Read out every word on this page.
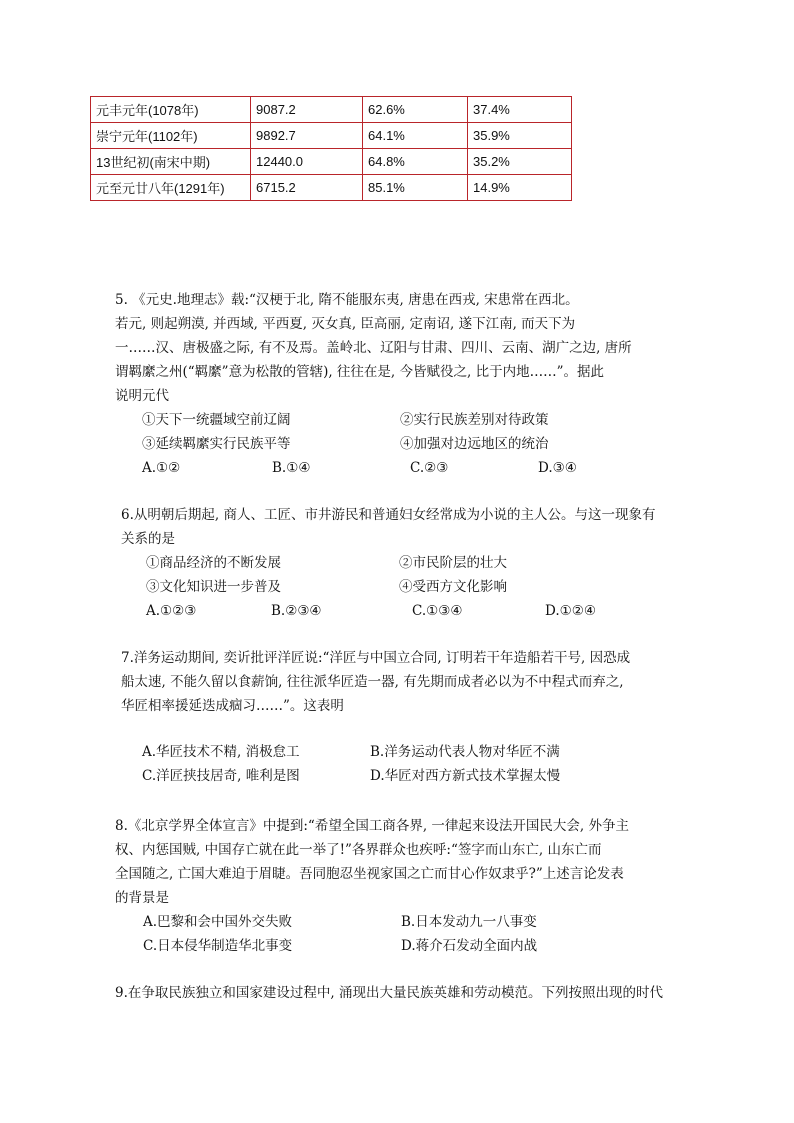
元丰元年(1078年)	9087.2	62.6%	37.4%
崇宁元年(1102年)	9892.7	64.1%	35.9%
13世纪初(南宋中期)	12440.0	64.8%	35.2%
元至元廿八年(1291年)	6715.2	85.1%	14.9%
5. 《元史.地理志》载:“汉梗于北, 隋不能服东夷, 唐患在西戎, 宋患常在西北。
若元, 则起朔漠, 并西域, 平西夏, 灭女真, 臣高丽, 定南诏, 遂下江南, 而天下为
一……汉、唐极盛之际, 有不及焉。盖岭北、辽阳与甘肃、四川、云南、湖广之边, 唐所
谓羁縻之州(“羁縻”意为松散的管辖), 往往在是, 今皆赋役之, 比于内地……”。据此
说明元代
①天下一统疆域空前辽阔	②实行民族差别对待政策
③延续羁縻实行民族平等	④加强对边远地区的统治
A.①②	B.①④	C.②③	D.③④
6.从明朝后期起, 商人、工匠、市井游民和普通妇女经常成为小说的主人公。与这一现象有
关系的是
①商品经济的不断发展	②市民阶层的壮大
③文化知识进一步普及	④受西方文化影响
A.①②③	B.②③④	C.①③④	D.①②④
7.洋务运动期间, 奕䜣批评洋匠说:“洋匠与中国立合同, 订明若干年造船若干号, 因恐成
船太速, 不能久留以食薪饷, 往往派华匠造一器, 有先期而成者必以为不中程式而弃之,
华匠相率援延迭成痼习……”。这表明
A.华匠技术不精, 消极怠工	B.洋务运动代表人物对华匠不满
C.洋匠挟技居奇, 唯利是图	D.华匠对西方新式技术掌握太慢
8.《北京学界全体宣言》中提到:“希望全国工商各界, 一律起来设法开国民大会, 外争主
权、内惩国贼, 中国存亡就在此一举了!”各界群众也疾呼:“签字而山东亡, 山东亡而
全国随之, 亡国大难迫于眉睫。吾同胞忍坐视家国之亡而甘心作奴隶乎?”上述言论发表
的背景是
A.巴黎和会中国外交失败	B.日本发动九一八事变
C.日本侵华制造华北事变	D.蒋介石发动全面内战
9.在争取民族独立和国家建设过程中, 涌现出大量民族英雄和劳动模范。下列按照出现的时代
